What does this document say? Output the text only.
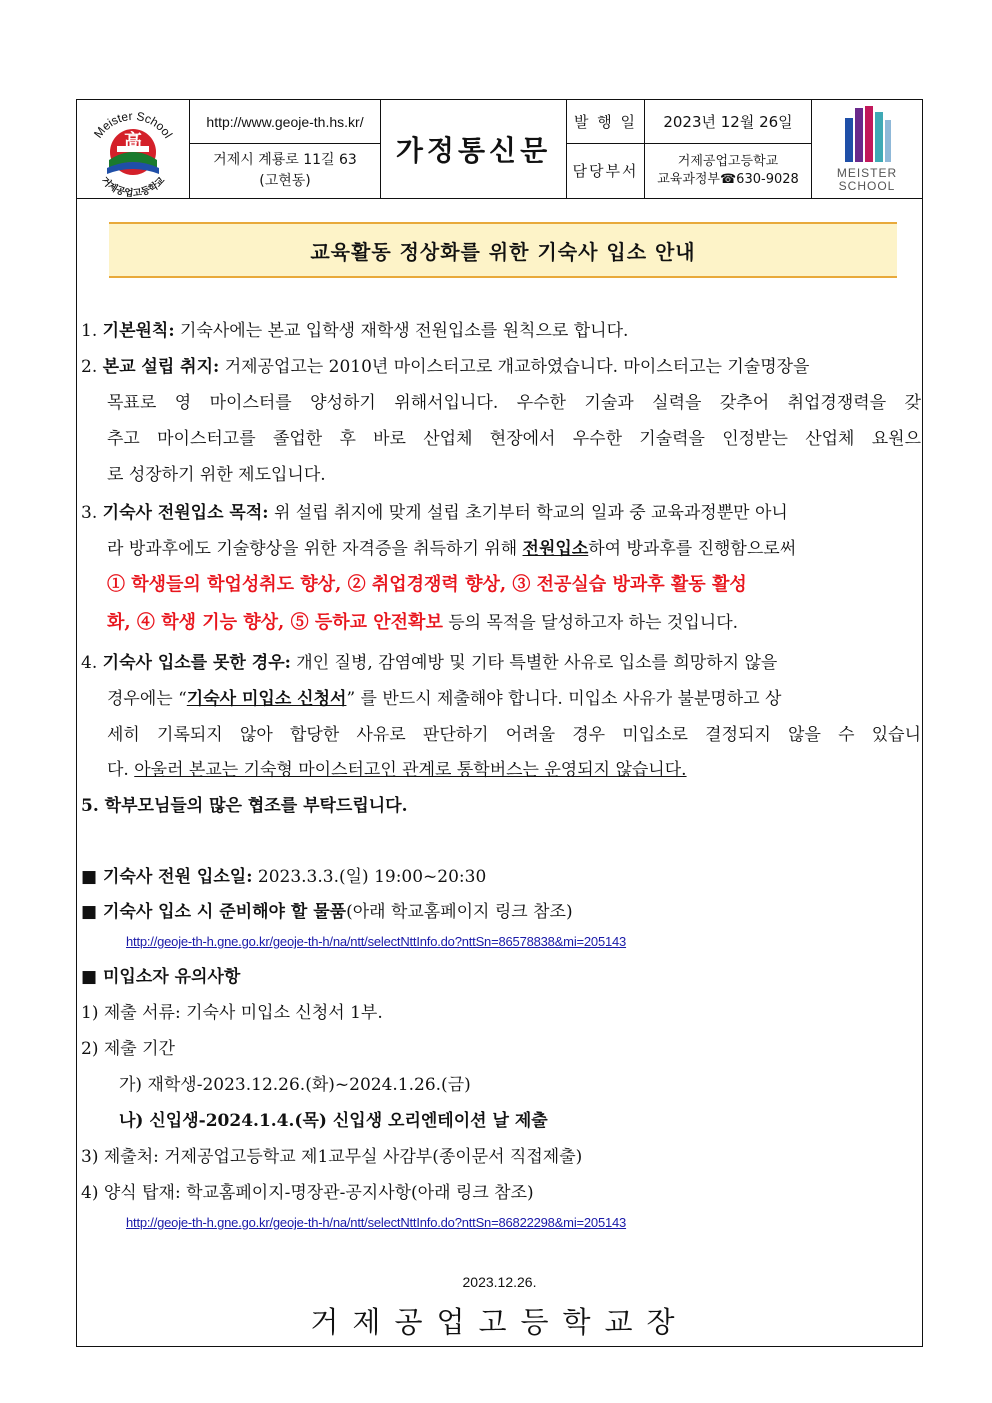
Meister School
高
거제공업고등학교
http://www.geoje-th.hs.kr/
거제시 계룡로 11길 63
(고현동)
가정통신문
발 행 일
담당부서
2023년 12월 26일
거제공업고등학교
교육과정부☎630-9028	MEISTER
SCHOOL
교육활동 정상화를 위한 기숙사 입소 안내
1. 기본원칙: 기숙사에는 본교 입학생 재학생 전원입소를 원칙으로 합니다.
2. 본교 설립 취지: 거제공업고는 2010년 마이스터고로 개교하였습니다. 마이스터고는 기술명장을
목표로 영 마이스터를 양성하기 위해서입니다. 우수한 기술과 실력을 갖추어 취업경쟁력을 갖
추고 마이스터고를 졸업한 후 바로 산업체 현장에서 우수한 기술력을 인정받는 산업체 요원으
로 성장하기 위한 제도입니다.
3. 기숙사 전원입소 목적: 위 설립 취지에 맞게 설립 초기부터 학교의 일과 중 교육과정뿐만 아니
라 방과후에도 기술향상을 위한 자격증을 취득하기 위해 전원입소하여 방과후를 진행함으로써
① 학생들의 학업성취도 향상, ② 취업경쟁력 향상, ③ 전공실습 방과후 활동 활성
화, ④ 학생 기능 향상, ⑤ 등하교 안전확보 등의 목적을 달성하고자 하는 것입니다.
4. 기숙사 입소를 못한 경우: 개인 질병, 감염예방 및 기타 특별한 사유로 입소를 희망하지 않을
경우에는 “기숙사 미입소 신청서” 를 반드시 제출해야 합니다. 미입소 사유가 불분명하고 상
세히 기록되지 않아 합당한 사유로 판단하기 어려울 경우 미입소로 결정되지 않을 수 있습니
다. 아울러 본교는 기숙형 마이스터고인 관계로 통학버스는 운영되지 않습니다.
5. 학부모님들의 많은 협조를 부탁드립니다.
■ 기숙사 전원 입소일: 2023.3.3.(일) 19:00~20:30
■ 기숙사 입소 시 준비해야 할 물품(아래 학교홈페이지 링크 참조)
http://geoje-th-h.gne.go.kr/geoje-th-h/na/ntt/selectNttInfo.do?nttSn=86578838&mi=205143
■ 미입소자 유의사항
1) 제출 서류: 기숙사 미입소 신청서 1부.
2) 제출 기간
가) 재학생-2023.12.26.(화)~2024.1.26.(금)
나) 신입생-2024.1.4.(목) 신입생 오리엔테이션 날 제출
3) 제출처: 거제공업고등학교 제1교무실 사감부(종이문서 직접제출)
4) 양식 탑재: 학교홈페이지-명장관-공지사항(아래 링크 참조)
http://geoje-th-h.gne.go.kr/geoje-th-h/na/ntt/selectNttInfo.do?nttSn=86822298&mi=205143
2023.12.26.
거제공업고등학교장
